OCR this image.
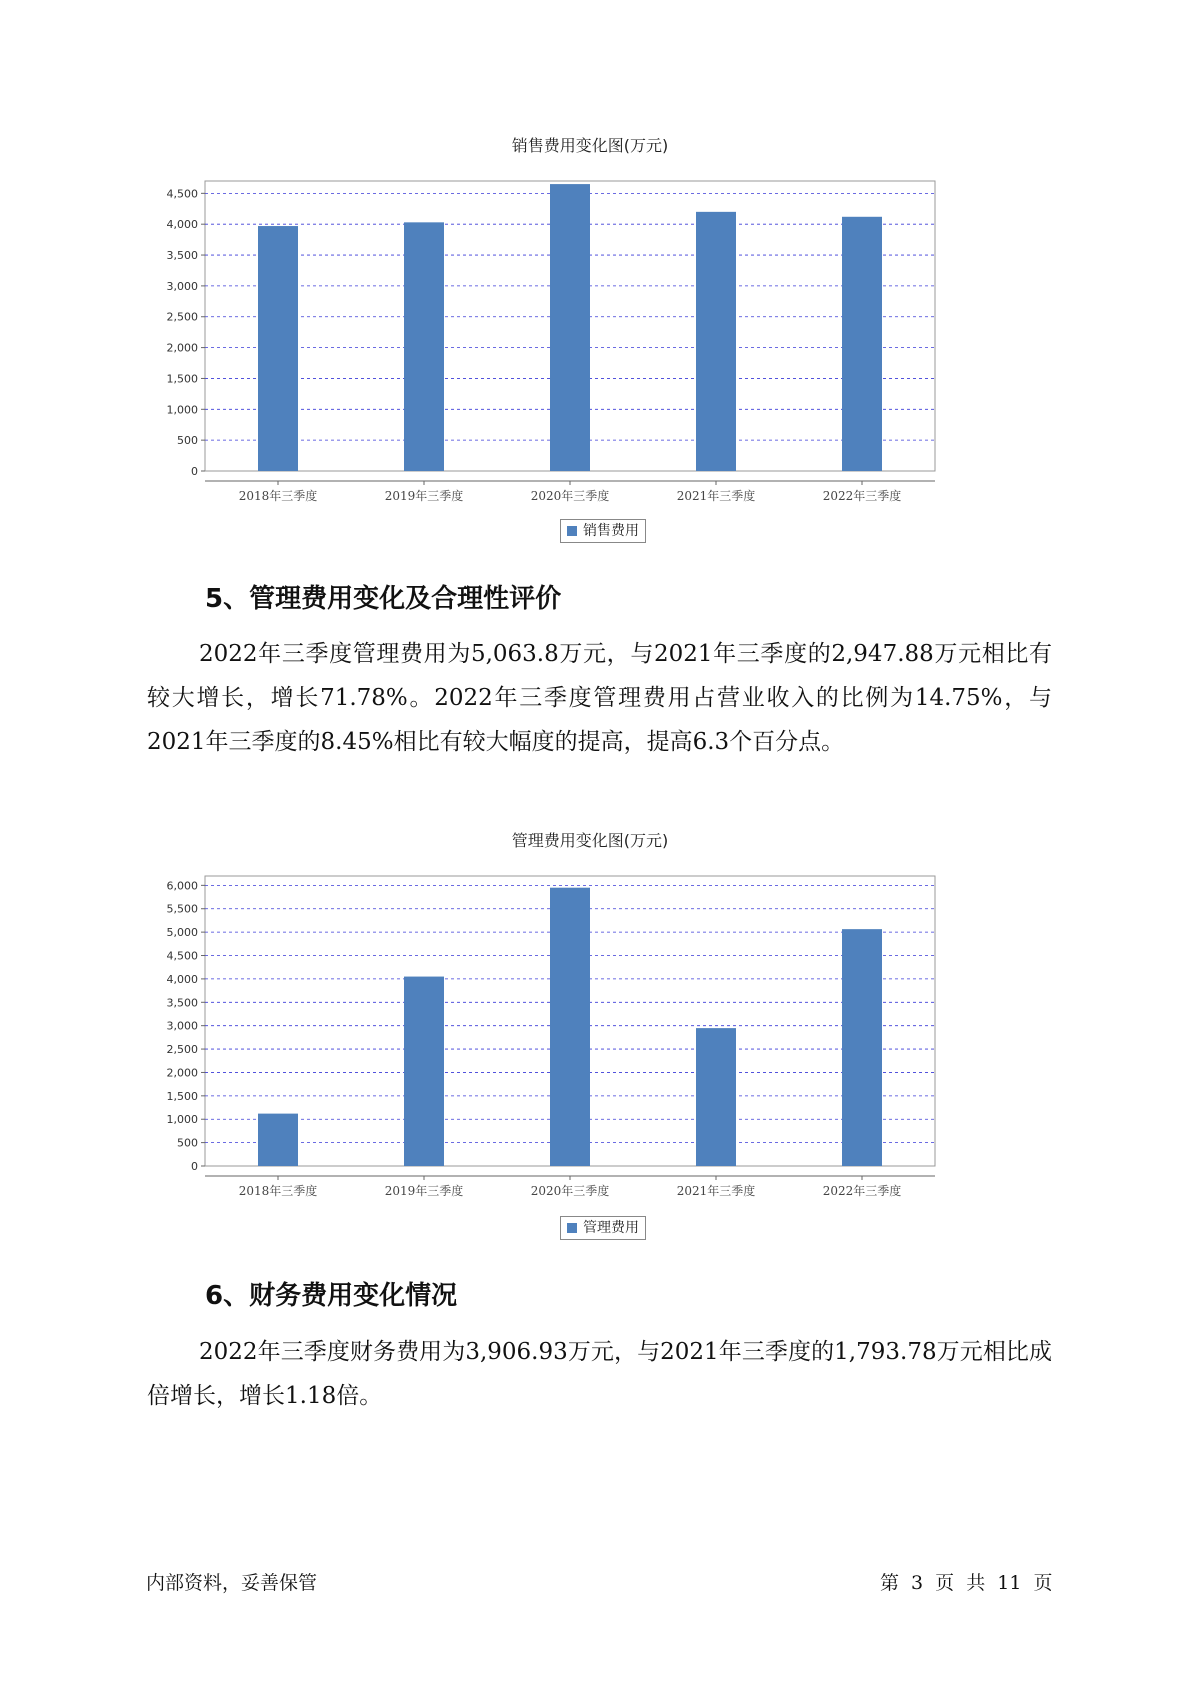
销售费用变化图(万元)
0
500
1,000
1,500
2,000
2,500
3,000
3,500
4,000
4,500
2018年三季度	2019年三季度	2020年三季度	2021年三季度	2022年三季度
销售费用
5、管理费用变化及合理性评价

2022年三季度管理费用为5,063.8万元，与2021年三季度的2,947.88万元相比有较大增长，增长71.78%。2022年三季度管理费用占营业收入的比例为14.75%，与2021年三季度的8.45%相比有较大幅度的提高，提高6.3个百分点。

管理费用变化图(万元)
0
500
1,000
1,500
2,000
2,500
3,000
3,500
4,000
4,500
5,000
5,500
6,000
2018年三季度	2019年三季度	2020年三季度	2021年三季度	2022年三季度
管理费用
6、财务费用变化情况

2022年三季度财务费用为3,906.93万元，与2021年三季度的1,793.78万元相比成倍增长，增长1.18倍。

内部资料，妥善保管	第 3 页 共 11 页
